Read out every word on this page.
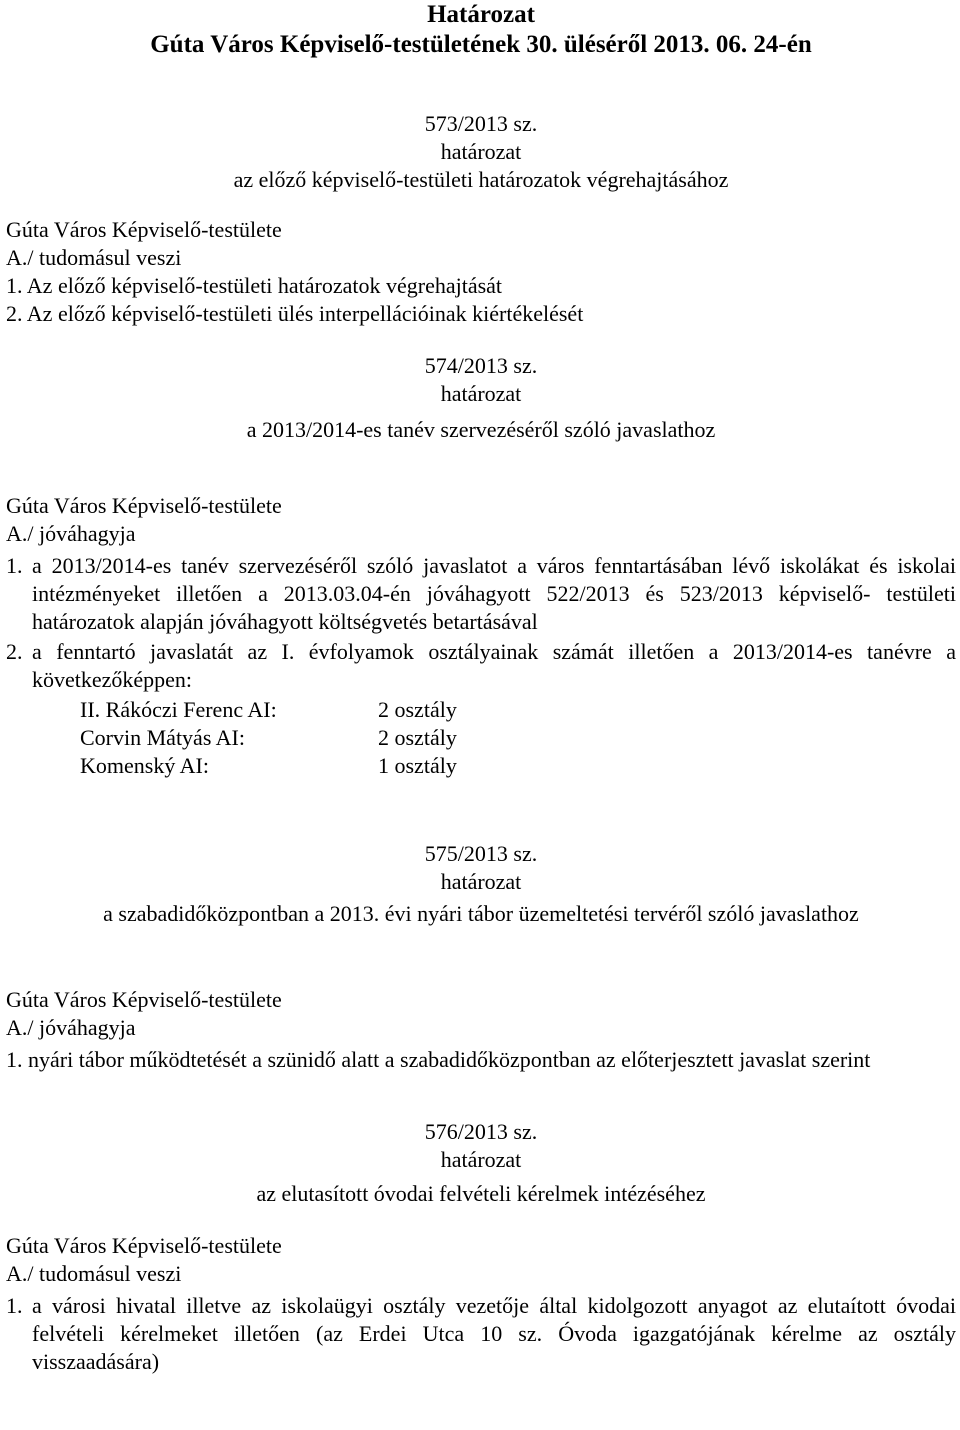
Határozat
Gúta Város Képviselő-testületének 30. üléséről 2013. 06. 24-én
573/2013 sz.
határozat
az előző képviselő-testületi határozatok végrehajtásához
Gúta Város Képviselő-testülete
A./ tudomásul veszi
1. Az előző képviselő-testületi határozatok végrehajtását
2. Az előző képviselő-testületi ülés interpellációinak kiértékelését
574/2013 sz.
határozat
a 2013/2014-es tanév szervezéséről szóló javaslathoz
Gúta Város Képviselő-testülete
A./ jóváhagyja
1. a 2013/2014-es tanév szervezéséről szóló javaslatot a város fenntartásában lévő iskolákat és iskolai intézményeket illetően a 2013.03.04-én jóváhagyott 522/2013 és 523/2013 képviselő- testületi határozatok alapján jóváhagyott költségvetés betartásával
2. a fenntartó javaslatát az I. évfolyamok osztályainak számát illetően a 2013/2014-es tanévre a következőképpen:
II. Rákóczi Ferenc AI:	2 osztály
Corvin Mátyás AI:	2 osztály
Komenský AI:	1 osztály
575/2013 sz.
határozat
a szabadidőközpontban a 2013. évi nyári tábor üzemeltetési tervéről szóló javaslathoz
Gúta Város Képviselő-testülete
A./ jóváhagyja
1. nyári tábor működtetését a szünidő alatt a szabadidőközpontban az előterjesztett javaslat szerint
576/2013 sz.
határozat
az elutasított óvodai felvételi kérelmek intézéséhez
Gúta Város Képviselő-testülete
A./ tudomásul veszi
1. a városi hivatal illetve az iskolaügyi osztály vezetője által kidolgozott anyagot az elutaított óvodai felvételi kérelmeket illetően (az Erdei Utca 10 sz. Óvoda igazgatójának kérelme az osztály visszaadására)
